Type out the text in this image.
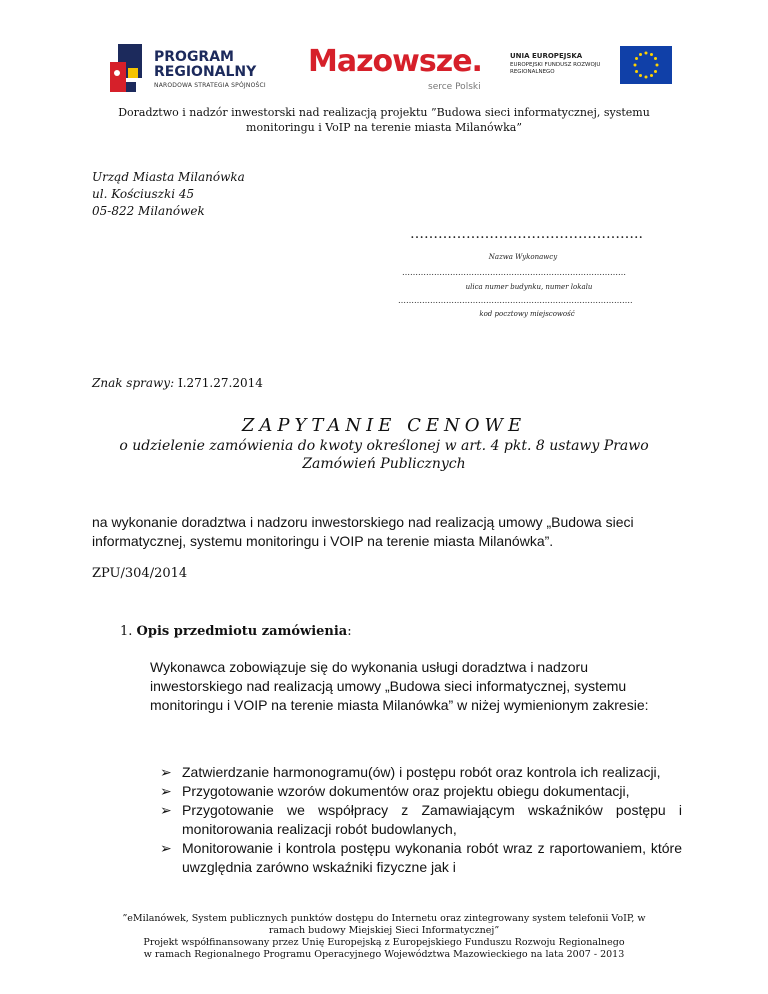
PROGRAM
REGIONALNY
NARODOWA STRATEGIA SPÓJNOŚCI
Mazowsze.
serce Polski
UNIA EUROPEJSKA
EUROPEJSKI FUNDUSZ ROZWOJU REGIONALNEGO
Doradztwo i nadzór inwestorski nad realizacją projektu ”Budowa sieci informatycznej, systemu
monitoringu i VoIP na terenie miasta Milanówka”
Urząd Miasta Milanówka
ul. Kościuszki 45
05-822 Milanówek
…………………………………………..
Nazwa Wykonawcy
…………………………………………………………………………
ulica numer budynku, numer lokalu
…………………………………………………………………………….
kod pocztowy miejscowość
Znak sprawy: I.271.27.2014
ZAPYTANIE CENOWE
o udzielenie zamówienia do kwoty określonej w art. 4 pkt. 8 ustawy Prawo
Zamówień Publicznych
na wykonanie doradztwa i nadzoru inwestorskiego nad realizacją umowy „Budowa sieci informatycznej, systemu monitoringu i VOIP na terenie miasta Milanówka”.
ZPU/304/2014
1. Opis przedmiotu zamówienia:
Wykonawca zobowiązuje się do wykonania usługi doradztwa i nadzoru inwestorskiego nad realizacją umowy „Budowa sieci informatycznej, systemu monitoringu i VOIP na terenie miasta Milanówka” w niżej wymienionym zakresie:
➢ Zatwierdzanie harmonogramu(ów) i postępu robót oraz kontrola ich realizacji,
➢ Przygotowanie wzorów dokumentów oraz projektu obiegu dokumentacji,
➢ Przygotowanie we współpracy z Zamawiającym wskaźników postępu i monitorowania realizacji robót budowlanych,
➢ Monitorowanie i kontrola postępu wykonania robót wraz z raportowaniem, które uwzględnia zarówno wskaźniki fizyczne jak i
”eMilanówek, System publicznych punktów dostępu do Internetu oraz zintegrowany system telefonii VoIP, w
ramach budowy Miejskiej Sieci Informatycznej”
Projekt współfinansowany przez Unię Europejską z Europejskiego Funduszu Rozwoju Regionalnego
w ramach Regionalnego Programu Operacyjnego Województwa Mazowieckiego na lata 2007 - 2013
